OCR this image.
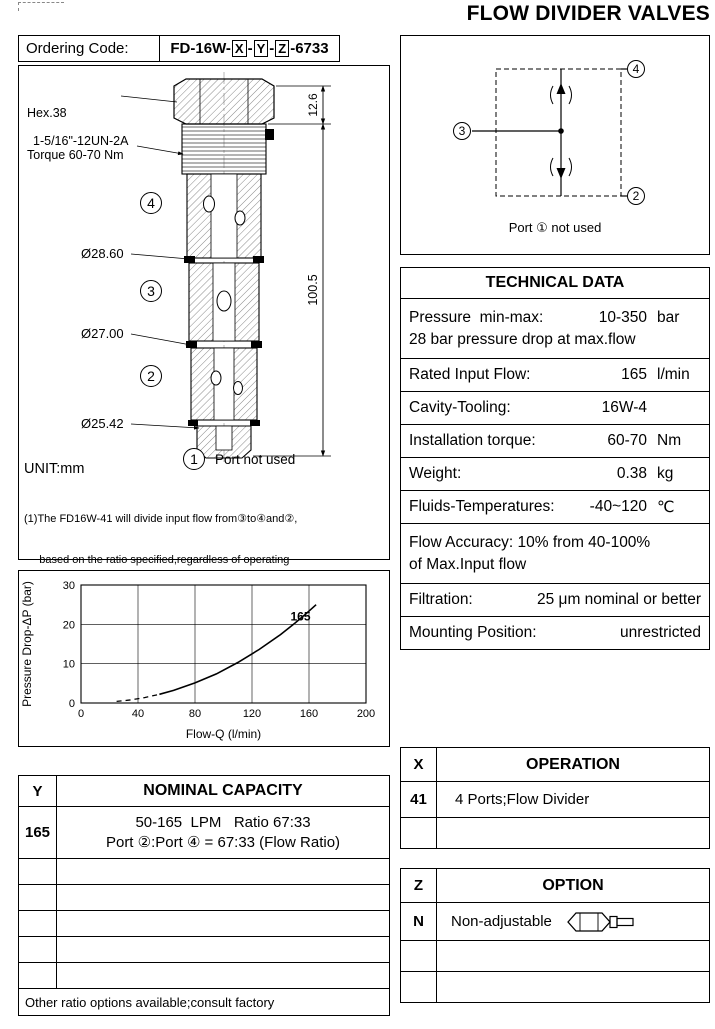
FLOW DIVIDER VALVES
Ordering Code:	FD-16W- X - Y - Z -6733
12.6
100.5

Hex.38

Torque 60-70 Nm

1-5/16"-12UN-2A
4
Ø28.60
3
Ø27.00
2
Ø25.42
1	Port not used
UNIT:mm

(1)The FD16W-41 will divide input flow from③to④and②,

based on the ratio specified,regardless of operating

4
3
2
Port ① not used
TECHNICAL DATA
Pressure  min-max:	10-350 bar
28 bar pressure drop at max.flow
Rated Input Flow:	165 l/min
Cavity-Tooling:	16W-4
Installation torque:	60-70 Nm
Weight:	0.38 kg
Fluids-Temperatures: -40~120 ℃
Flow Accuracy: 10% from 40-100%
of Max.Input flow
Filtration:	25 μm nominal or better
Mounting Position:	unrestricted
0	40	80	120	160	200
0
10
20
30
165
Flow-Q (l/min)
Pressure Drop-ΔP (bar)
Y	NOMINAL CAPACITY
165
50-165  LPM   Ratio 67:33
Port ②:Port ④ = 67:33 (Flow Ratio)
Other ratio options available;consult factory
X	OPERATION
41	4 Ports;Flow Divider
Z	OPTION
N	Non-adjustable
